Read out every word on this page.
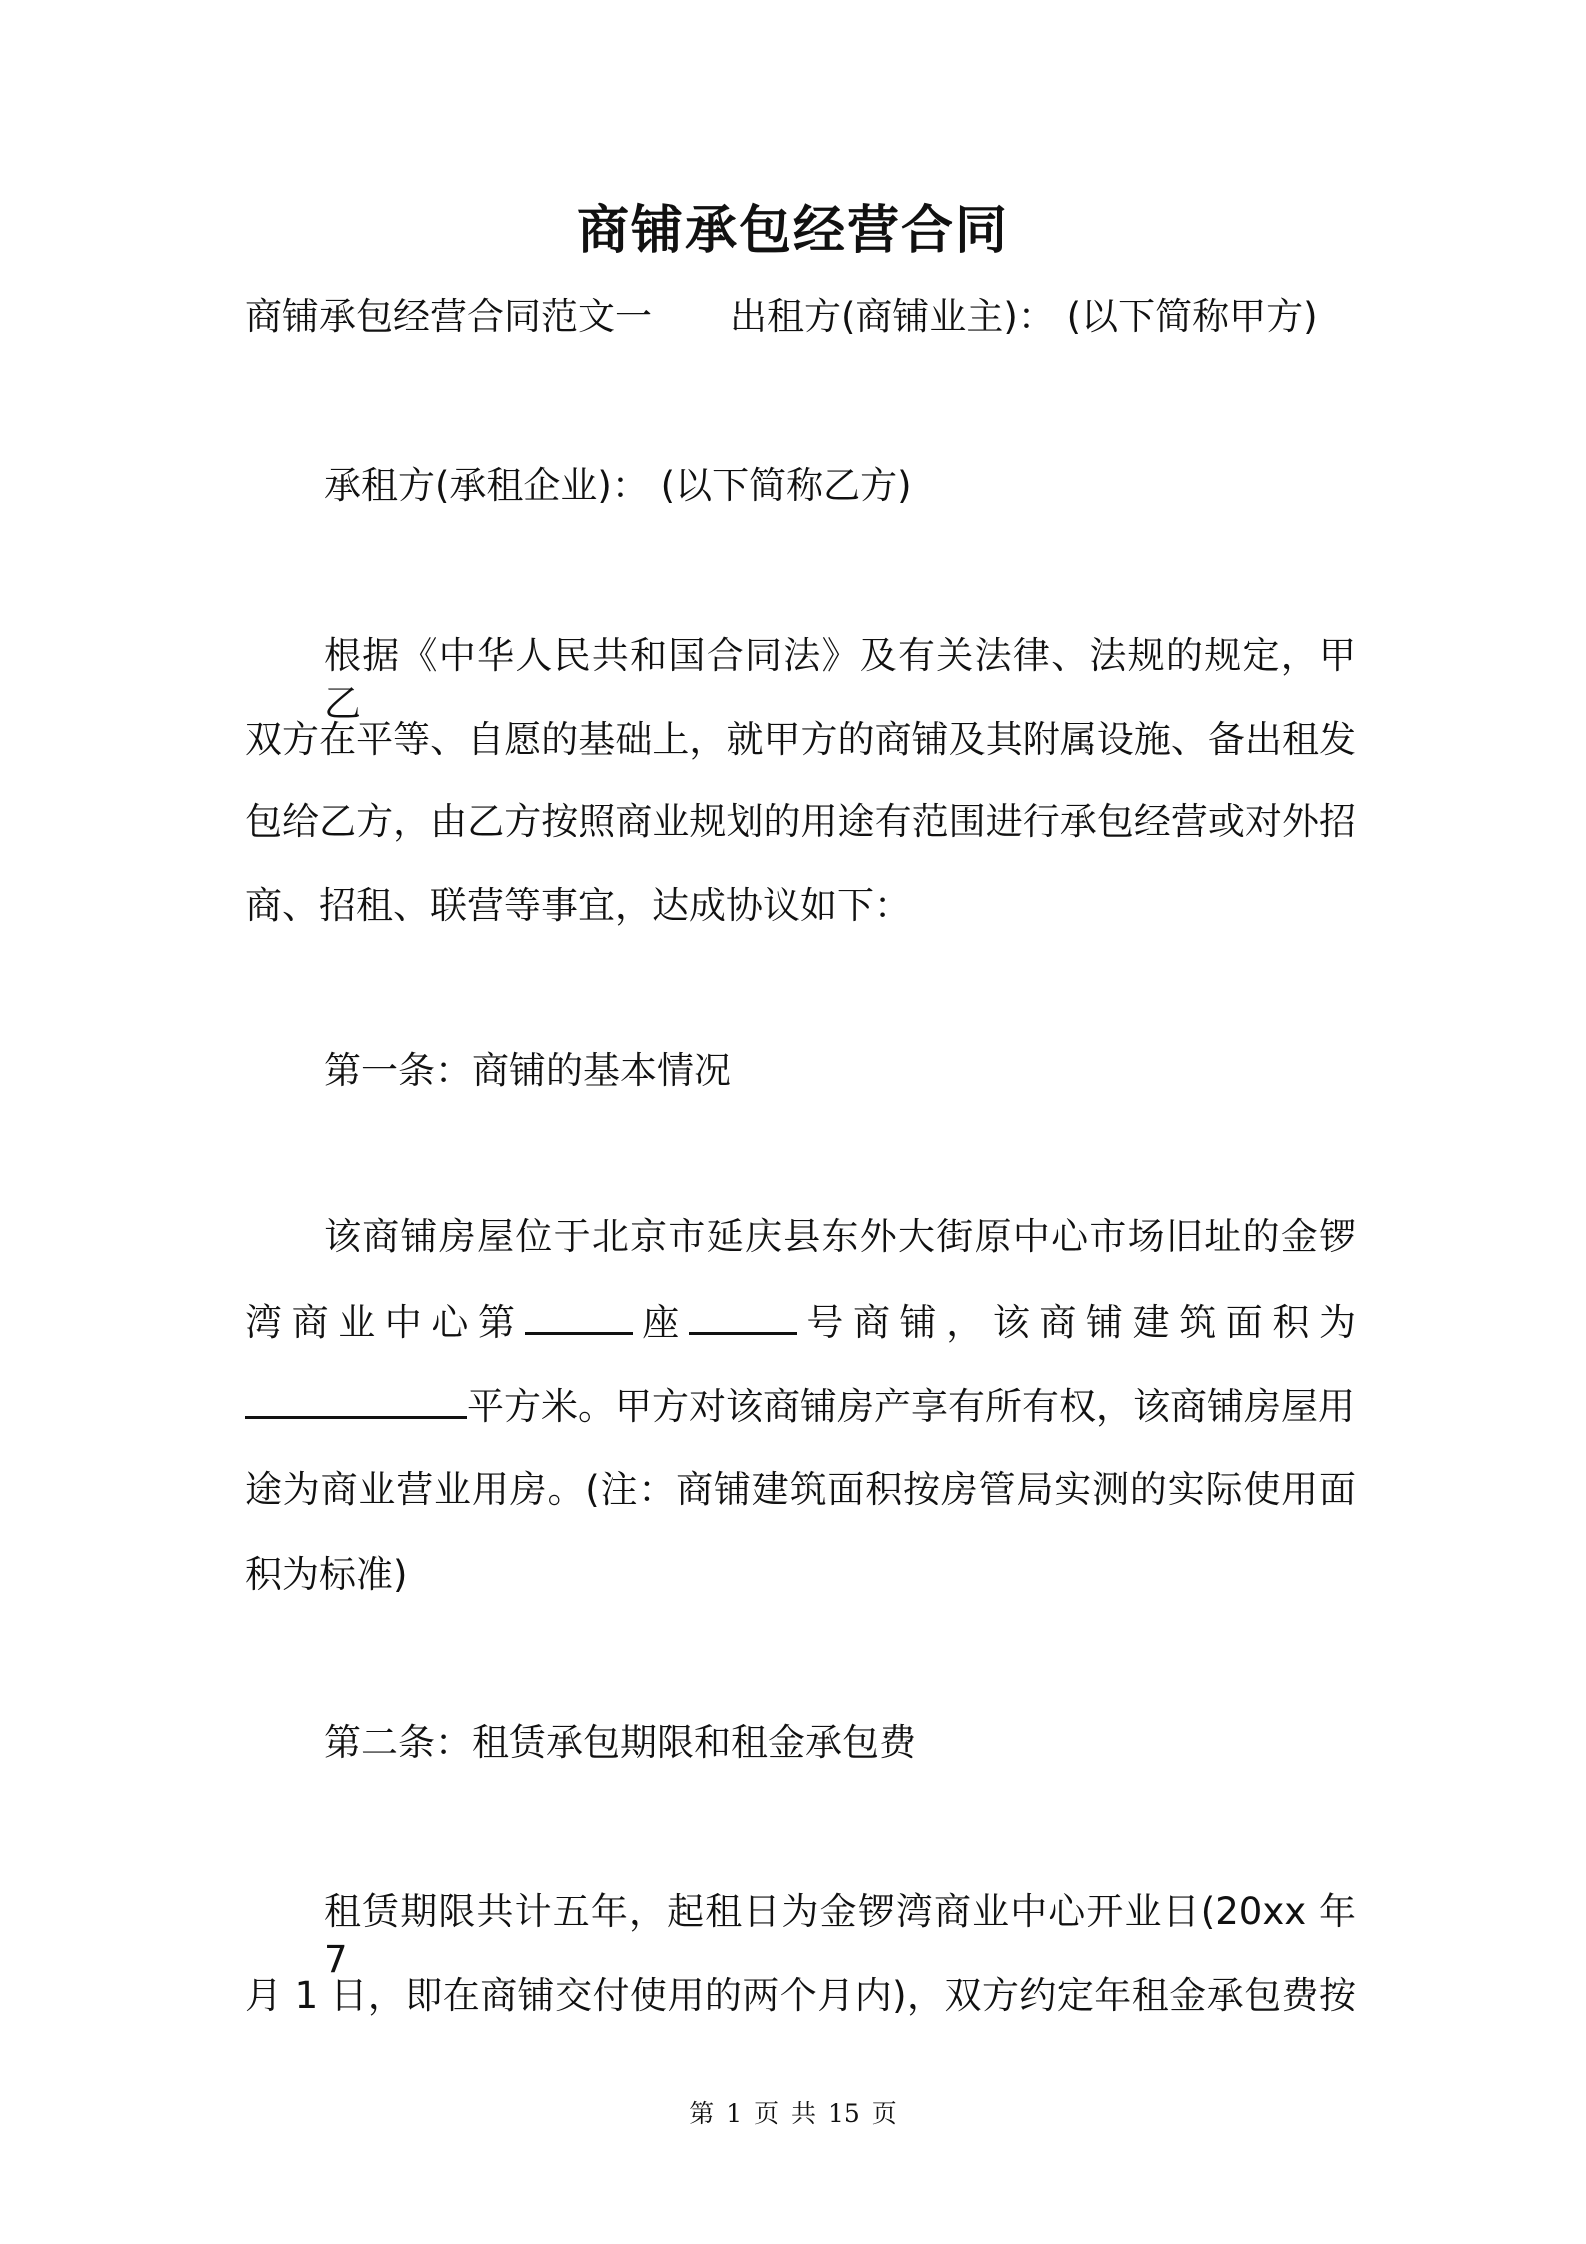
商铺承包经营合同
商铺承包经营合同范文一 出租方(商铺业主)： (以下简称甲方)
承租方(承租企业)： (以下简称乙方)
根据《中华人民共和国合同法》及有关法律、法规的规定，甲乙
双方在平等、自愿的基础上，就甲方的商铺及其附属设施、备出租发
包给乙方，由乙方按照商业规划的用途有范围进行承包经营或对外招
商、招租、联营等事宜，达成协议如下：
第一条：商铺的基本情况
该商铺房屋位于北京市延庆县东外大街原中心市场旧址的金锣
湾商业中心第	座	号商铺，该商铺建筑面积为
平方米。甲方对该商铺房产享有所有权，该商铺房屋用
途为商业营业用房。(注：商铺建筑面积按房管局实测的实际使用面
积为标准)
第二条：租赁承包期限和租金承包费
租赁期限共计五年，起租日为金锣湾商业中心开业日(20xx 年 7
月 1 日，即在商铺交付使用的两个月内)，双方约定年租金承包费按
第 1 页 共 15 页
